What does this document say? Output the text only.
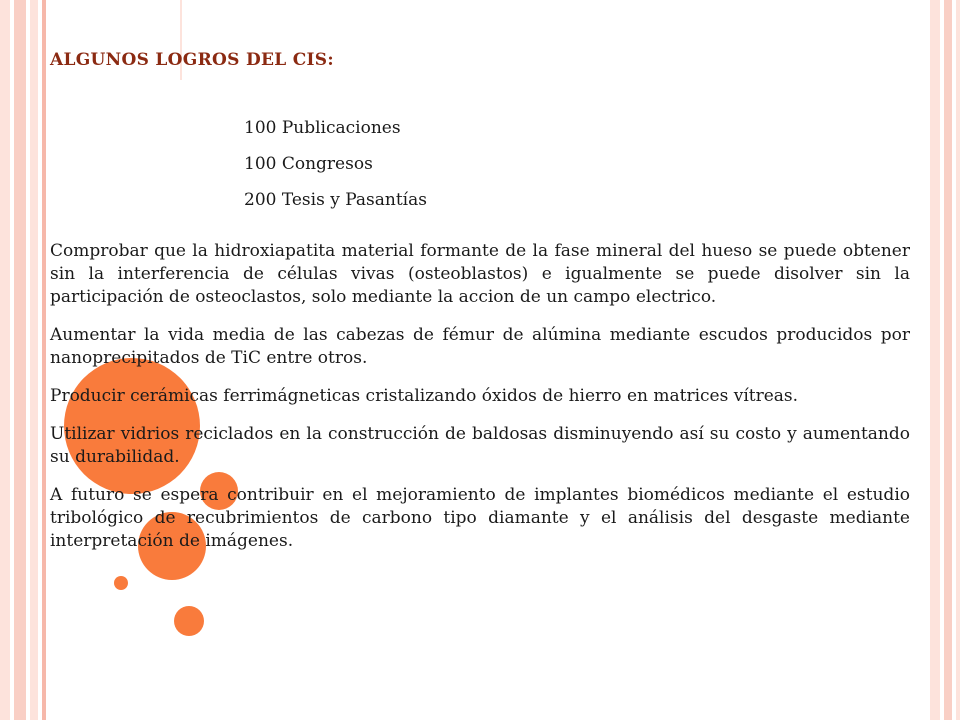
ALGUNOS LOGROS DEL CIS:
100 Publicaciones
100 Congresos
200 Tesis y Pasantías

Comprobar que la hidroxiapatita material formante de la fase mineral del hueso se puede obtener sin la interferencia de células vivas (osteoblastos) e igualmente se puede disolver sin la participación de osteoclastos, solo mediante la accion de un campo electrico.

Aumentar la vida media de las cabezas de fémur de alúmina mediante escudos producidos por nanoprecipitados de TiC entre otros.

Producir cerámicas ferrimágneticas cristalizando óxidos de hierro en matrices vítreas.

Utilizar vidrios reciclados en la construcción de baldosas disminuyendo así su costo y aumentando su durabilidad.

A futuro se espera contribuir en el mejoramiento de implantes biomédicos mediante el estudio tribológico de recubrimientos de carbono tipo diamante y el análisis del desgaste mediante interpretación de imágenes.
